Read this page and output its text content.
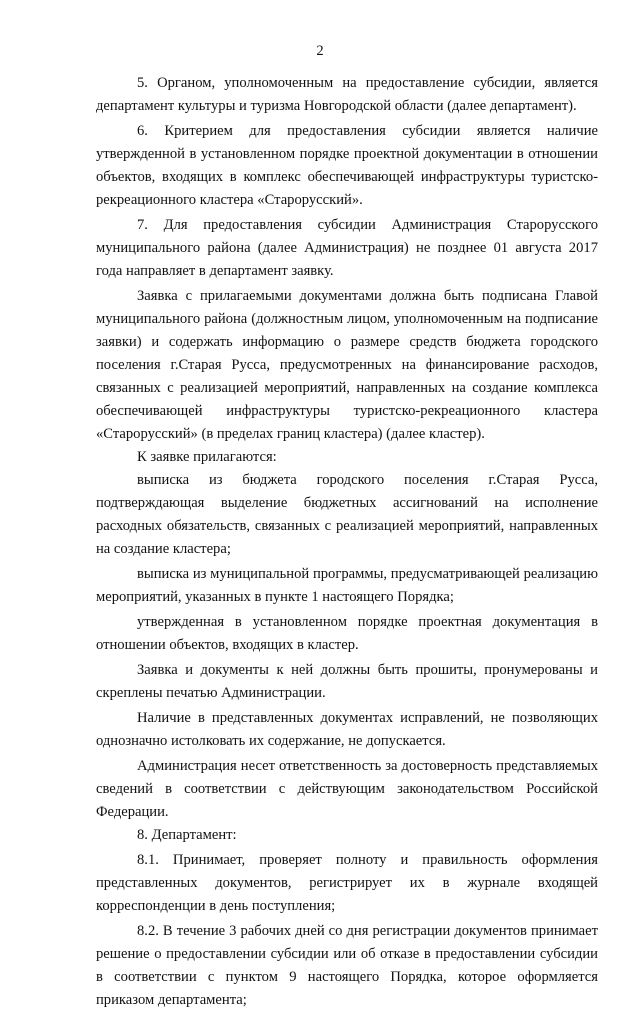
2

5. Органом, уполномоченным на предоставление субсидии, является департамент культуры и туризма Новгородской области (далее департамент).

6. Критерием для предоставления субсидии является наличие утвержденной в установленном порядке проектной документации в отношении объектов, входящих в комплекс обеспечивающей инфраструктуры туристско-рекреационного кластера «Старорусский».

7. Для предоставления субсидии Администрация Старорусского муниципального района (далее Администрация) не позднее 01 августа 2017 года направляет в департамент заявку.

Заявка с прилагаемыми документами должна быть подписана Главой муниципального района (должностным лицом, уполномоченным на подписание заявки) и содержать информацию о размере средств бюджета городского поселения г.Старая Русса, предусмотренных на финансирование расходов, связанных с реализацией мероприятий, направленных на создание комплекса обеспечивающей инфраструктуры туристско-рекреационного кластера «Старорусский» (в пределах границ кластера) (далее кластер).

К заявке прилагаются:

выписка из бюджета городского поселения г.Старая Русса, подтверждающая выделение бюджетных ассигнований на исполнение расходных обязательств, связанных с реализацией мероприятий, направленных на создание кластера;

выписка из муниципальной программы, предусматривающей реализацию мероприятий, указанных в пункте 1 настоящего Порядка;

утвержденная в установленном порядке проектная документация в отношении объектов, входящих в кластер.

Заявка и документы к ней должны быть прошиты, пронумерованы и скреплены печатью Администрации.

Наличие в представленных документах исправлений, не позволяющих однозначно истолковать их содержание, не допускается.

Администрация несет ответственность за достоверность представляемых сведений в соответствии с действующим законодательством Российской Федерации.

8. Департамент:

8.1. Принимает, проверяет полноту и правильность оформления представленных документов, регистрирует их в журнале входящей корреспонденции в день поступления;

8.2. В течение 3 рабочих дней со дня регистрации документов принимает решение о предоставлении субсидии или об отказе в предоставлении субсидии в соответствии с пунктом 9 настоящего Порядка, которое оформляется приказом департамента;
